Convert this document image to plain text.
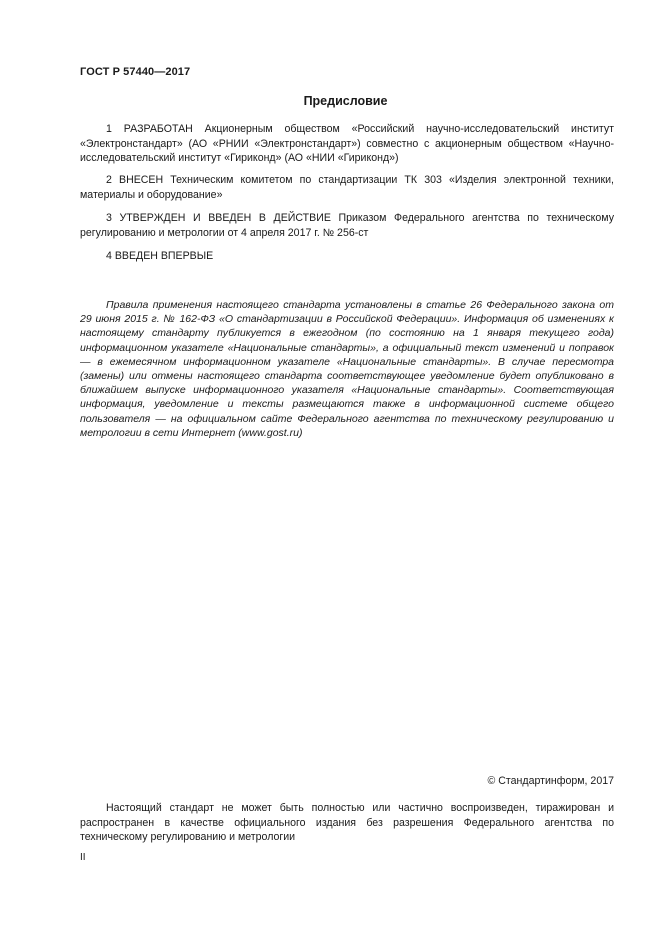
ГОСТ Р 57440—2017
Предисловие

1 РАЗРАБОТАН Акционерным обществом «Российский научно-исследовательский институт «Электронстандарт» (АО «РНИИ «Электронстандарт») совместно с акционерным обществом «Научно-исследовательский институт «Гириконд» (АО «НИИ «Гириконд»)

2 ВНЕСЕН Техническим комитетом по стандартизации ТК 303 «Изделия электронной техники, материалы и оборудование»

3 УТВЕРЖДЕН И ВВЕДЕН В ДЕЙСТВИЕ Приказом Федерального агентства по техническому регулированию и метрологии от 4 апреля 2017 г. № 256-ст

4 ВВЕДЕН ВПЕРВЫЕ

Правила применения настоящего стандарта установлены в статье 26 Федерального закона от 29 июня 2015 г. № 162-ФЗ «О стандартизации в Российской Федерации». Информация об изменениях к настоящему стандарту публикуется в ежегодном (по состоянию на 1 января текущего года) информационном указателе «Национальные стандарты», а официальный текст изменений и поправок — в ежемесячном информационном указателе «Национальные стандарты». В случае пересмотра (замены) или отмены настоящего стандарта соответствующее уведомление будет опубликовано в ближайшем выпуске информационного указателя «Национальные стандарты». Соответствующая информация, уведомление и тексты размещаются также в информационной системе общего пользователя — на официальном сайте Федерального агентства по техническому регулированию и метрологии в сети Интернет (www.gost.ru)

© Стандартинформ, 2017

Настоящий стандарт не может быть полностью или частично воспроизведен, тиражирован и распространен в качестве официального издания без разрешения Федерального агентства по техническому регулированию и метрологии

II
